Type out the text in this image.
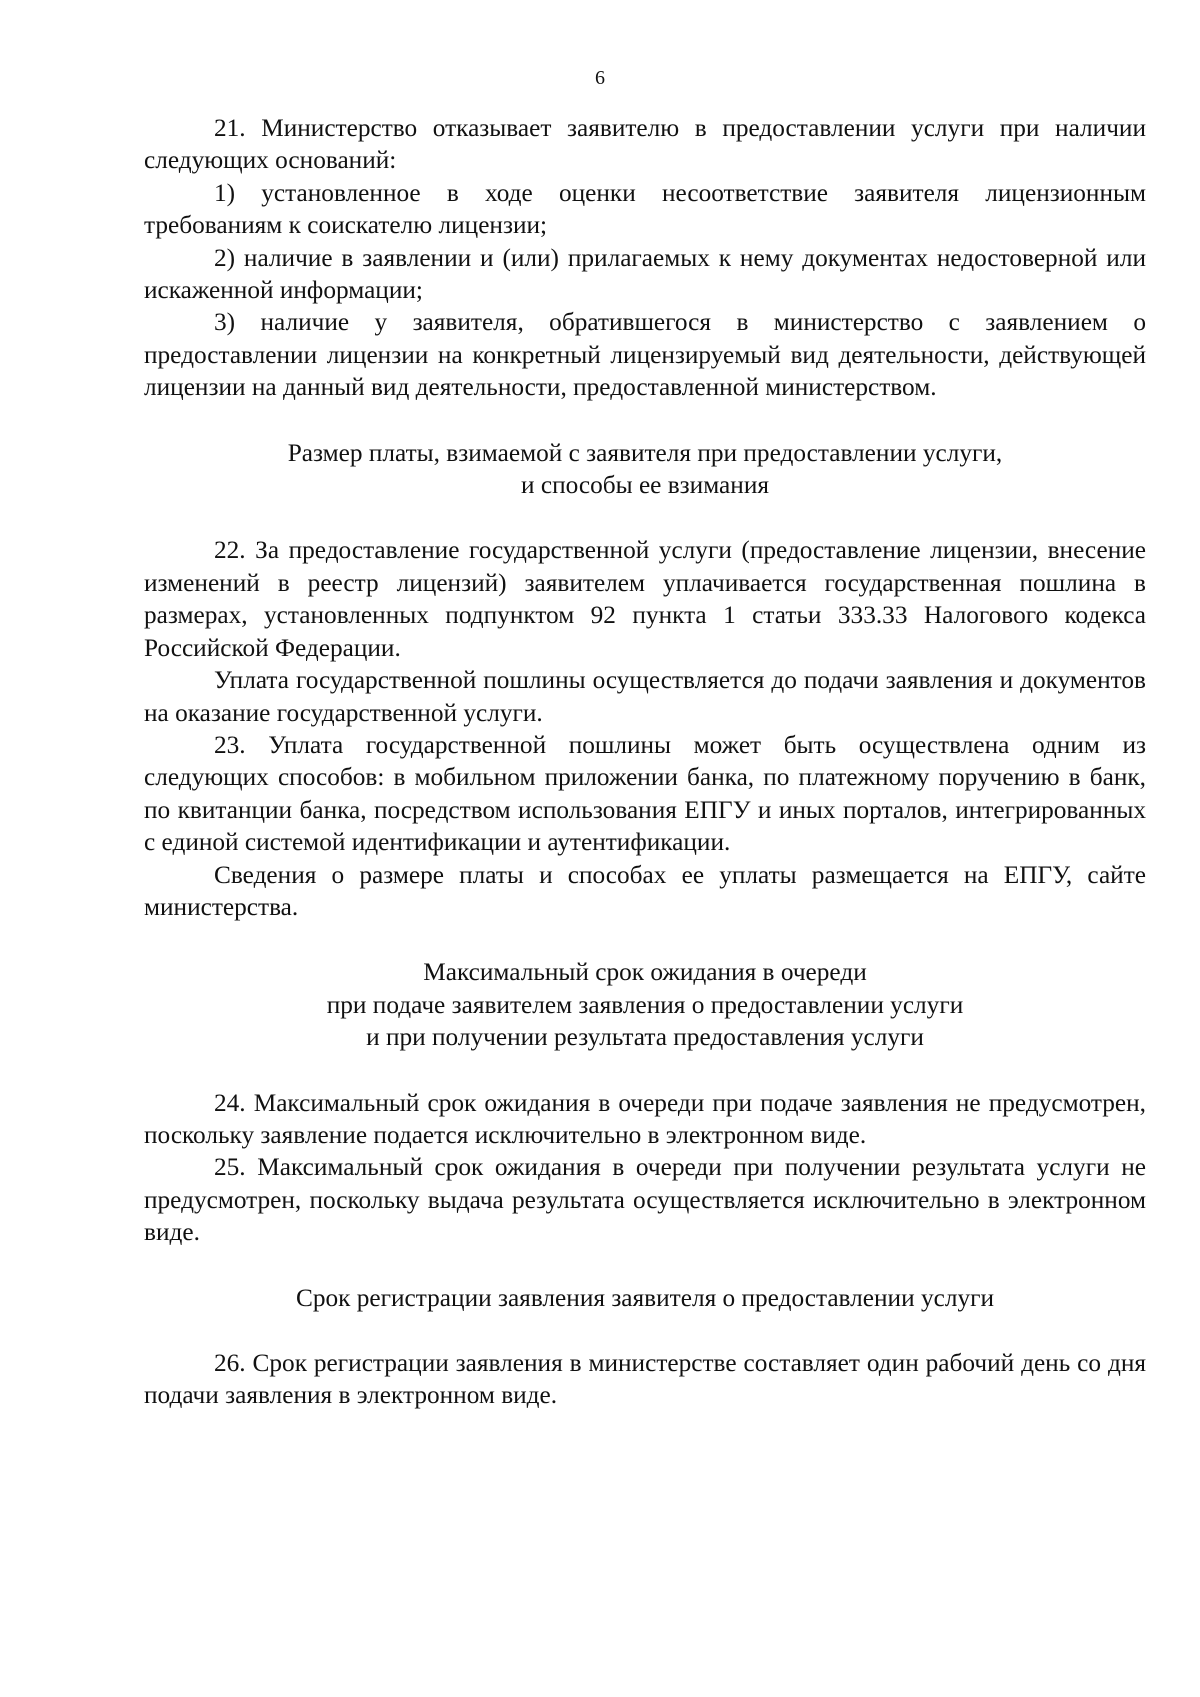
6

21. Министерство отказывает заявителю в предоставлении услуги при наличии следующих оснований:

1) установленное в ходе оценки несоответствие заявителя лицензионным требованиям к соискателю лицензии;

2) наличие в заявлении и (или) прилагаемых к нему документах недостоверной или искаженной информации;

3) наличие у заявителя, обратившегося в министерство с заявлением о предоставлении лицензии на конкретный лицензируемый вид деятельности, действующей лицензии на данный вид деятельности, предоставленной министерством.

Размер платы, взимаемой с заявителя при предоставлении услуги,
и способы ее взимания

22. За предоставление государственной услуги (предоставление лицензии, внесение изменений в реестр лицензий) заявителем уплачивается государственная пошлина в размерах, установленных подпунктом 92 пункта 1 статьи 333.33 Налогового кодекса Российской Федерации.

Уплата государственной пошлины осуществляется до подачи заявления и документов на оказание государственной услуги.

23. Уплата государственной пошлины может быть осуществлена одним из следующих способов: в мобильном приложении банка, по платежному поручению в банк, по квитанции банка, посредством использования ЕПГУ и иных порталов, интегрированных с единой системой идентификации и аутентификации.

Сведения о размере платы и способах ее уплаты размещается на ЕПГУ, сайте министерства.

Максимальный срок ожидания в очереди
при подаче заявителем заявления о предоставлении услуги
и при получении результата предоставления услуги

24. Максимальный срок ожидания в очереди при подаче заявления не предусмотрен, поскольку заявление подается исключительно в электронном виде.

25. Максимальный срок ожидания в очереди при получении результата услуги не предусмотрен, поскольку выдача результата осуществляется исключительно в электронном виде.

Срок регистрации заявления заявителя о предоставлении услуги

26. Срок регистрации заявления в министерстве составляет один рабочий день со дня подачи заявления в электронном виде.
